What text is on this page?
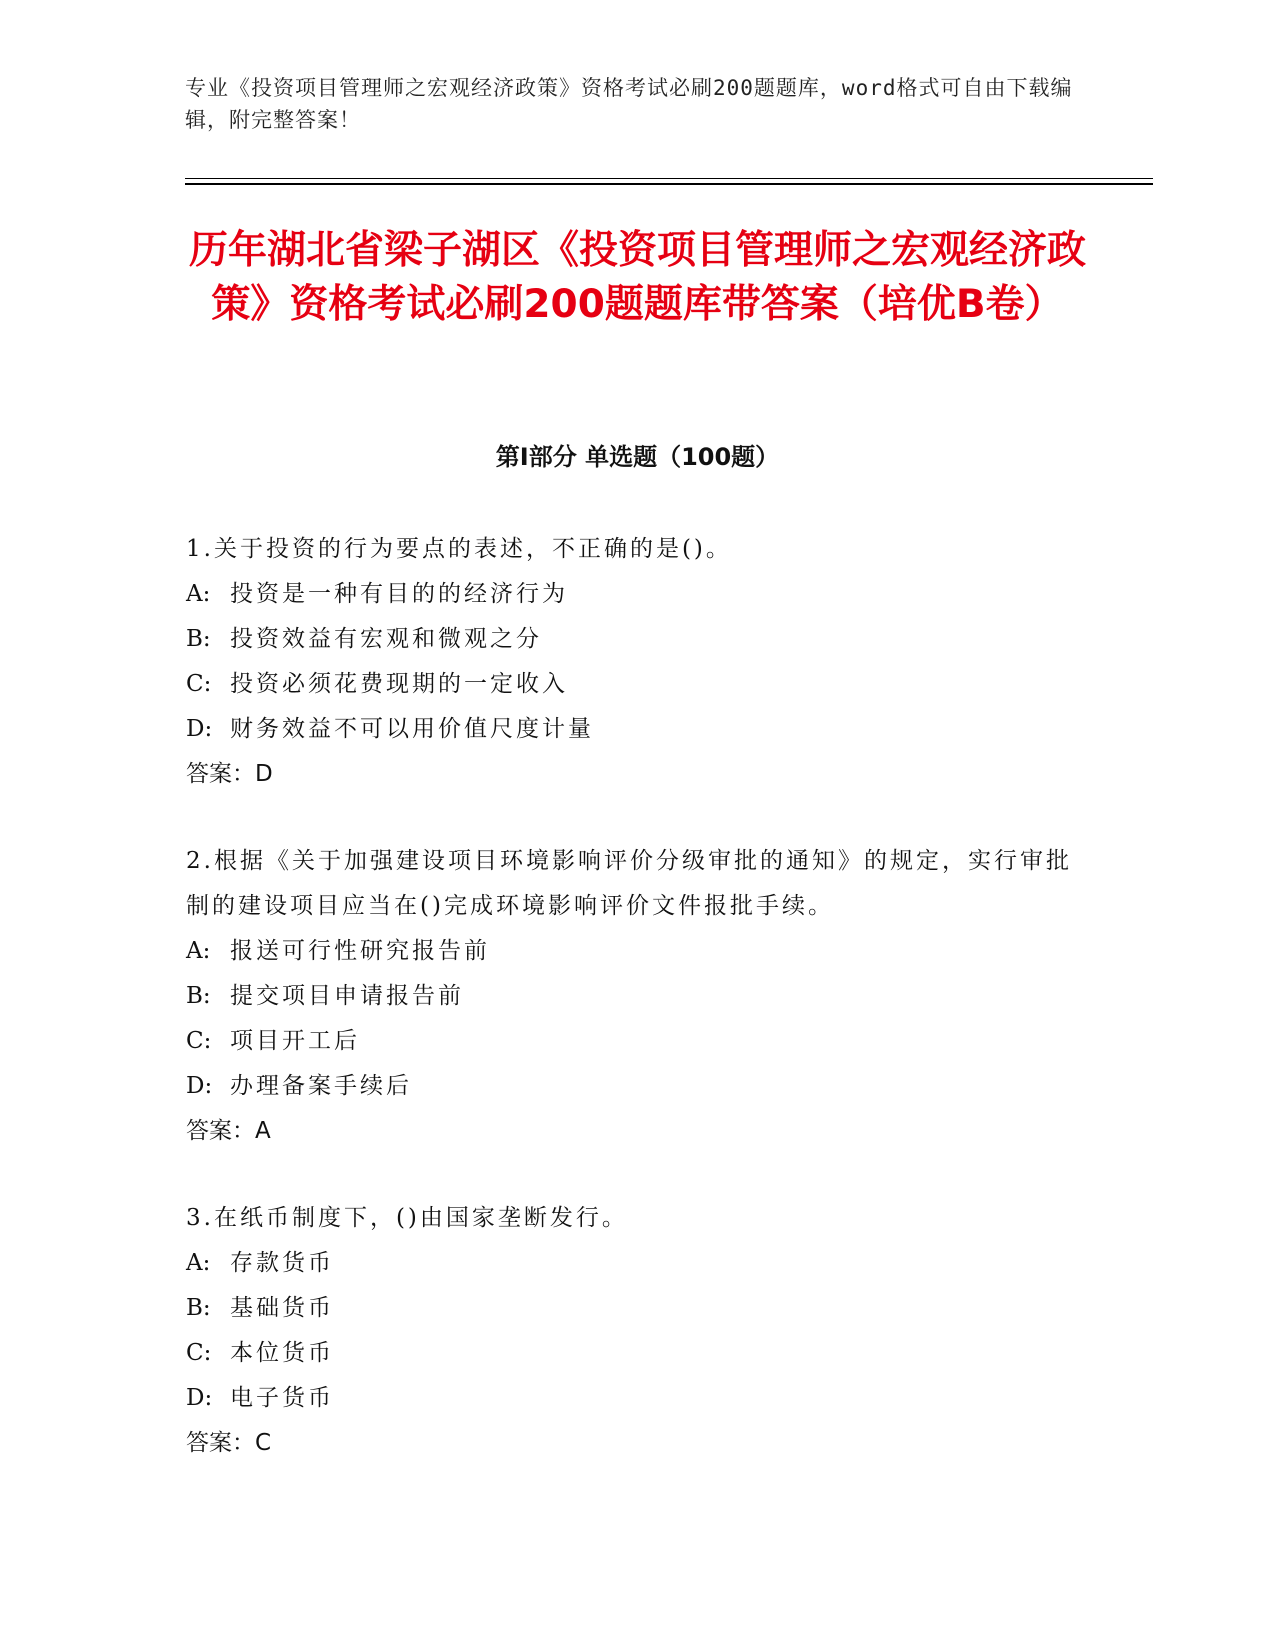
专业《投资项目管理师之宏观经济政策》资格考试必刷200题题库，word格式可自由下载编辑，附完整答案！
历年湖北省梁子湖区《投资项目管理师之宏观经济政策》资格考试必刷200题题库带答案（培优B卷）
第I部分 单选题（100题）
1.关于投资的行为要点的表述，不正确的是()。
A: 投资是一种有目的的经济行为
B: 投资效益有宏观和微观之分
C: 投资必须花费现期的一定收入
D: 财务效益不可以用价值尺度计量
答案：D
2.根据《关于加强建设项目环境影响评价分级审批的通知》的规定，实行审批制的建设项目应当在()完成环境影响评价文件报批手续。
A: 报送可行性研究报告前
B: 提交项目申请报告前
C: 项目开工后
D: 办理备案手续后
答案：A
3.在纸币制度下，()由国家垄断发行。
A: 存款货币
B: 基础货币
C: 本位货币
D: 电子货币
答案：C
